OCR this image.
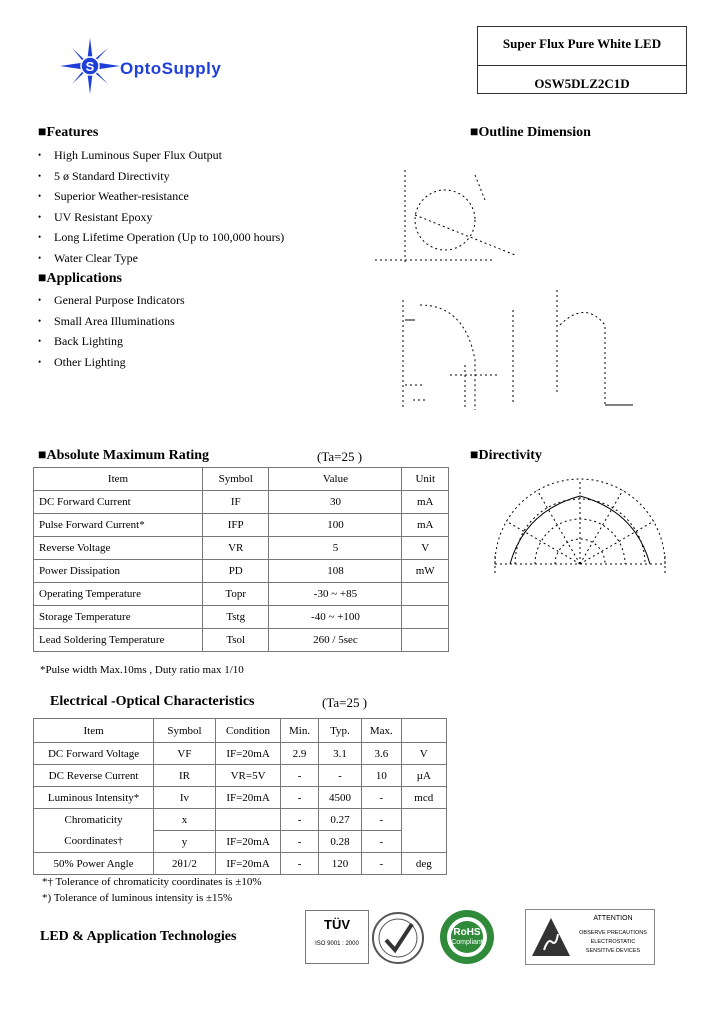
S OptoSupply
Super Flux Pure White LED
OSW5DLZ2C1D
■Features
• High Luminous Super Flux Output
• 5 ø Standard Directivity
• Superior Weather-resistance
• UV Resistant Epoxy
• Long Lifetime Operation (Up to 100,000 hours)
• Water Clear Type
■Applications
• General Purpose Indicators
• Small Area Illuminations
• Back Lighting
• Other Lighting
■Outline Dimension
■Absolute Maximum Rating	(Ta=25 )
Item	Symbol	Value	Unit
DC Forward Current	IF	30	mA
Pulse Forward Current*	IFP	100	mA
Reverse Voltage	VR	5	V
Power Dissipation	PD	108	mW
Operating Temperature	Topr	-30 ~ +85	
Storage Temperature	Tstg	-40 ~ +100	
Lead Soldering Temperature	Tsol	260 / 5sec	
*Pulse width Max.10ms , Duty ratio max 1/10
■Directivity
Electrical -Optical Characteristics	(Ta=25 )
Item	Symbol	Condition	Min.	Typ.	Max.	
DC Forward Voltage	VF	IF=20mA	2.9	3.1	3.6	V
DC Reverse Current	IR	VR=5V	-	-	10	µA
Luminous Intensity*	Iv	IF=20mA	-	4500	-	mcd
Chromaticity	x		-	0.27	-	
Coordinates†	y	IF=20mA	-	0.28	-	
50% Power Angle	2θ1/2	IF=20mA	-	120	-	deg
*† Tolerance of chromaticity coordinates is ±10%
*) Tolerance of luminous intensity is ±15%
LED & Application Technologies
TÜV
ISO 9001 : 2000
RoHS
Compliant
ATTENTION
OBSERVE PRECAUTIONS
ELECTROSTATIC
SENSITIVE DEVICES
